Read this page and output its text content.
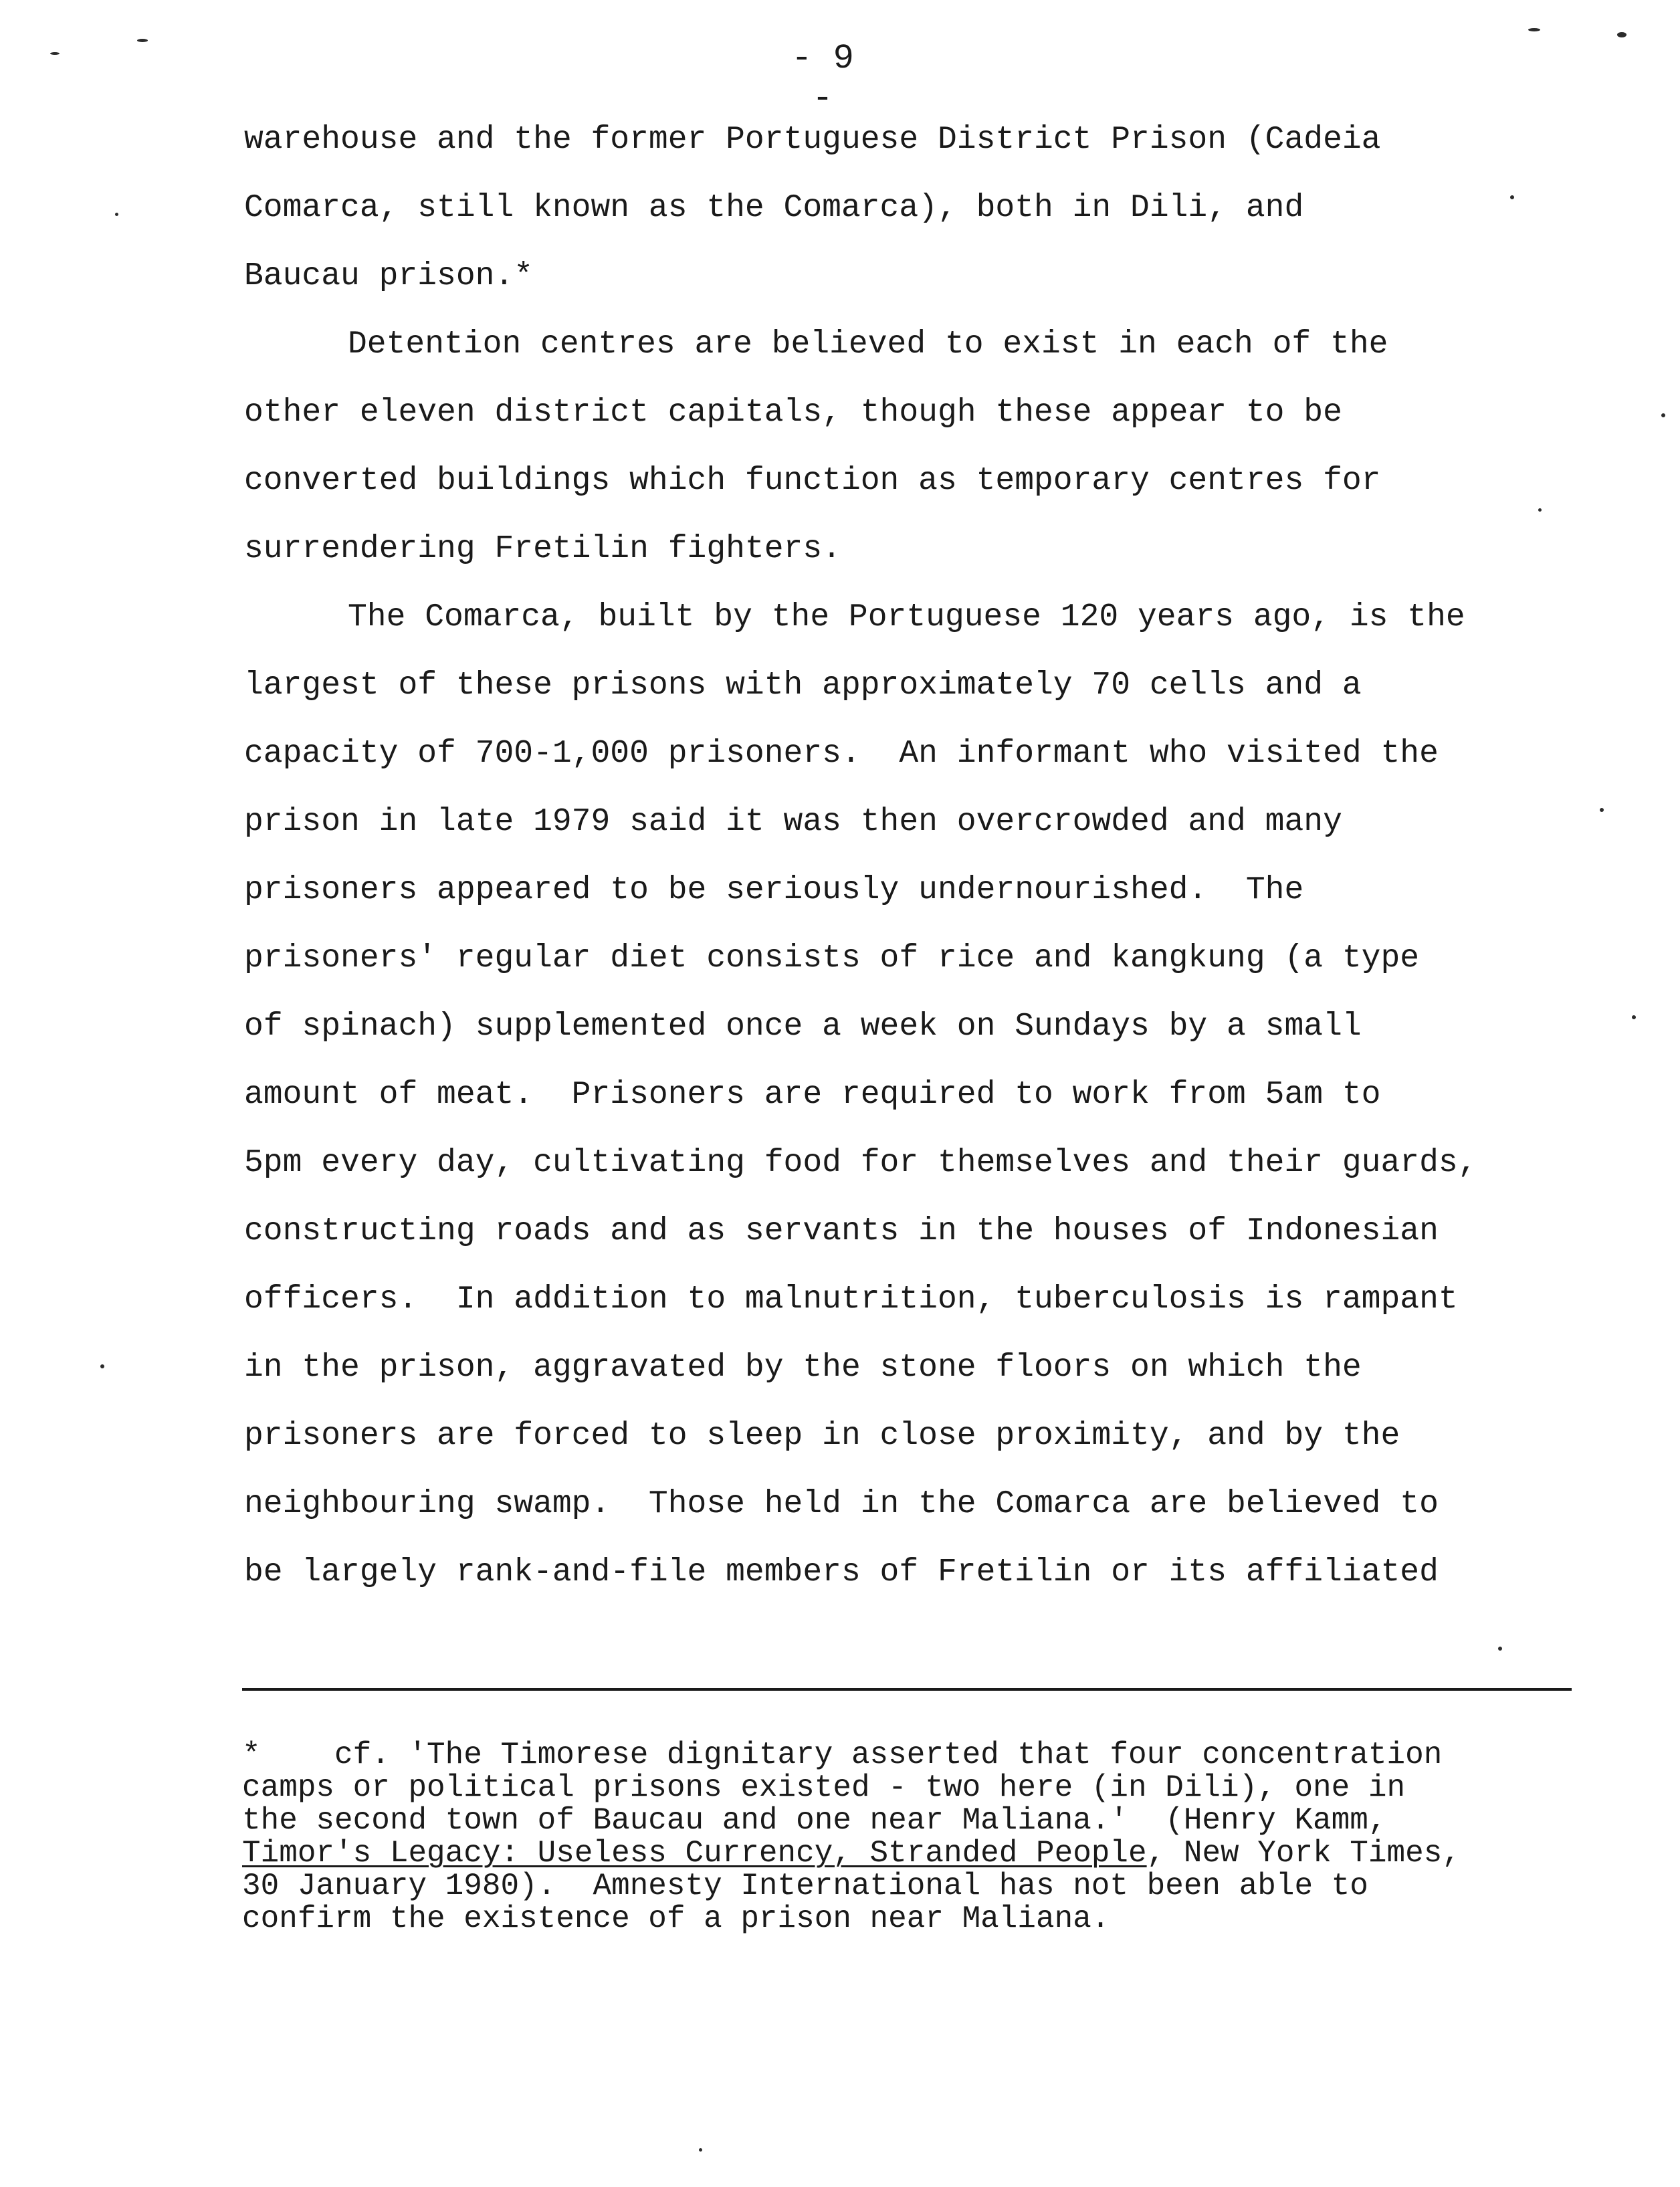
- 9 -
warehouse and the former Portuguese District Prison (Cadeia
Comarca, still known as the Comarca), both in Dili, and
Baucau prison.*
Detention centres are believed to exist in each of the
other eleven district capitals, though these appear to be
converted buildings which function as temporary centres for
surrendering Fretilin fighters.
The Comarca, built by the Portuguese 120 years ago, is the
largest of these prisons with approximately 70 cells and a
capacity of 700-1,000 prisoners.  An informant who visited the
prison in late 1979 said it was then overcrowded and many
prisoners appeared to be seriously undernourished.  The
prisoners' regular diet consists of rice and kangkung (a type
of spinach) supplemented once a week on Sundays by a small
amount of meat.  Prisoners are required to work from 5am to
5pm every day, cultivating food for themselves and their guards,
constructing roads and as servants in the houses of Indonesian
officers.  In addition to malnutrition, tuberculosis is rampant
in the prison, aggravated by the stone floors on which the
prisoners are forced to sleep in close proximity, and by the
neighbouring swamp.  Those held in the Comarca are believed to
be largely rank-and-file members of Fretilin or its affiliated
*    cf. 'The Timorese dignitary asserted that four concentration
camps or political prisons existed - two here (in Dili), one in
the second town of Baucau and one near Maliana.'  (Henry Kamm,
Timor's Legacy: Useless Currency, Stranded People, New York Times,
30 January 1980).  Amnesty International has not been able to
confirm the existence of a prison near Maliana.
